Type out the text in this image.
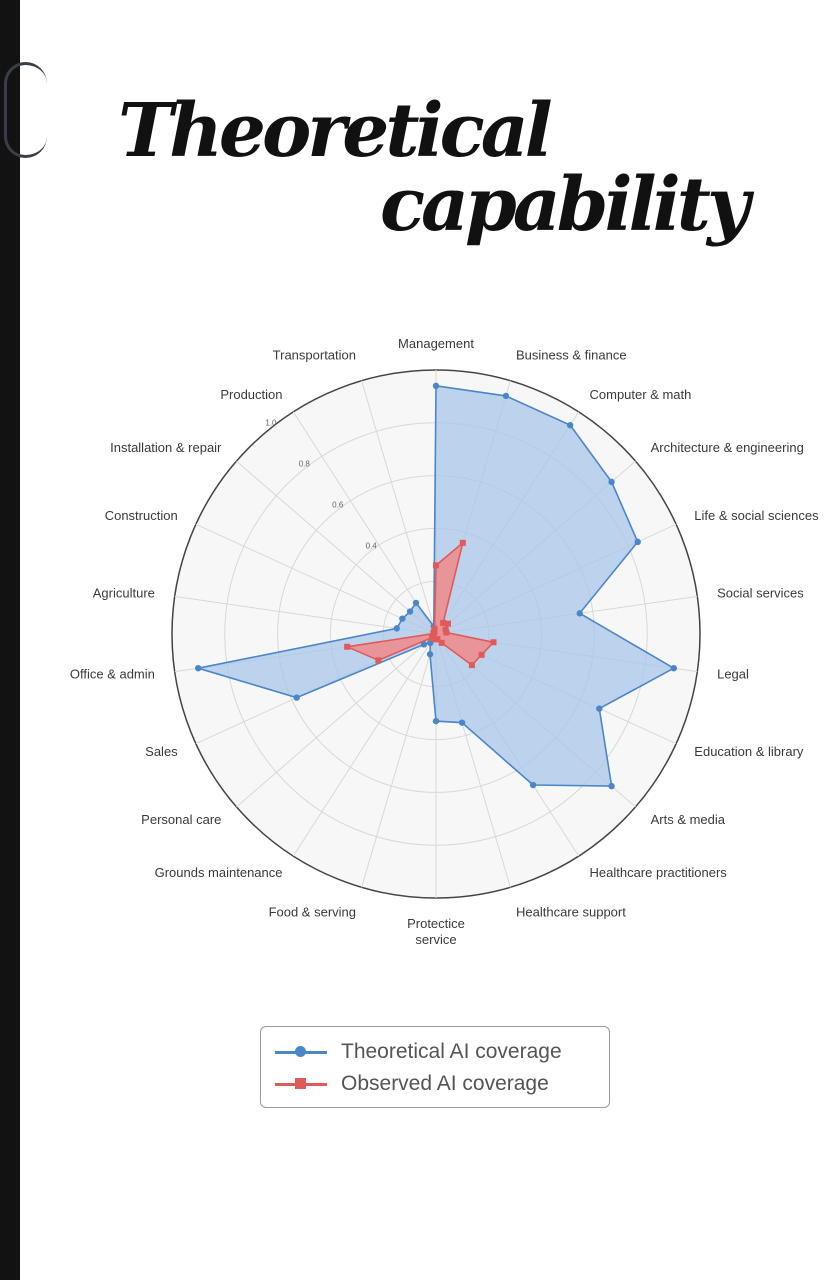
Theoretical
capability
0.4
0.6
0.8
1.0
Management
Business & finance
Computer & math
Architecture & engineering
Life & social sciences
Social services
Legal
Education & library
Arts & media
Healthcare practitioners
Healthcare support
Protectice service
Food & serving
Grounds maintenance
Personal care
Sales
Office & admin
Agriculture
Construction
Installation & repair
Production
Transportation
Theoretical AI coverage
Observed AI coverage
